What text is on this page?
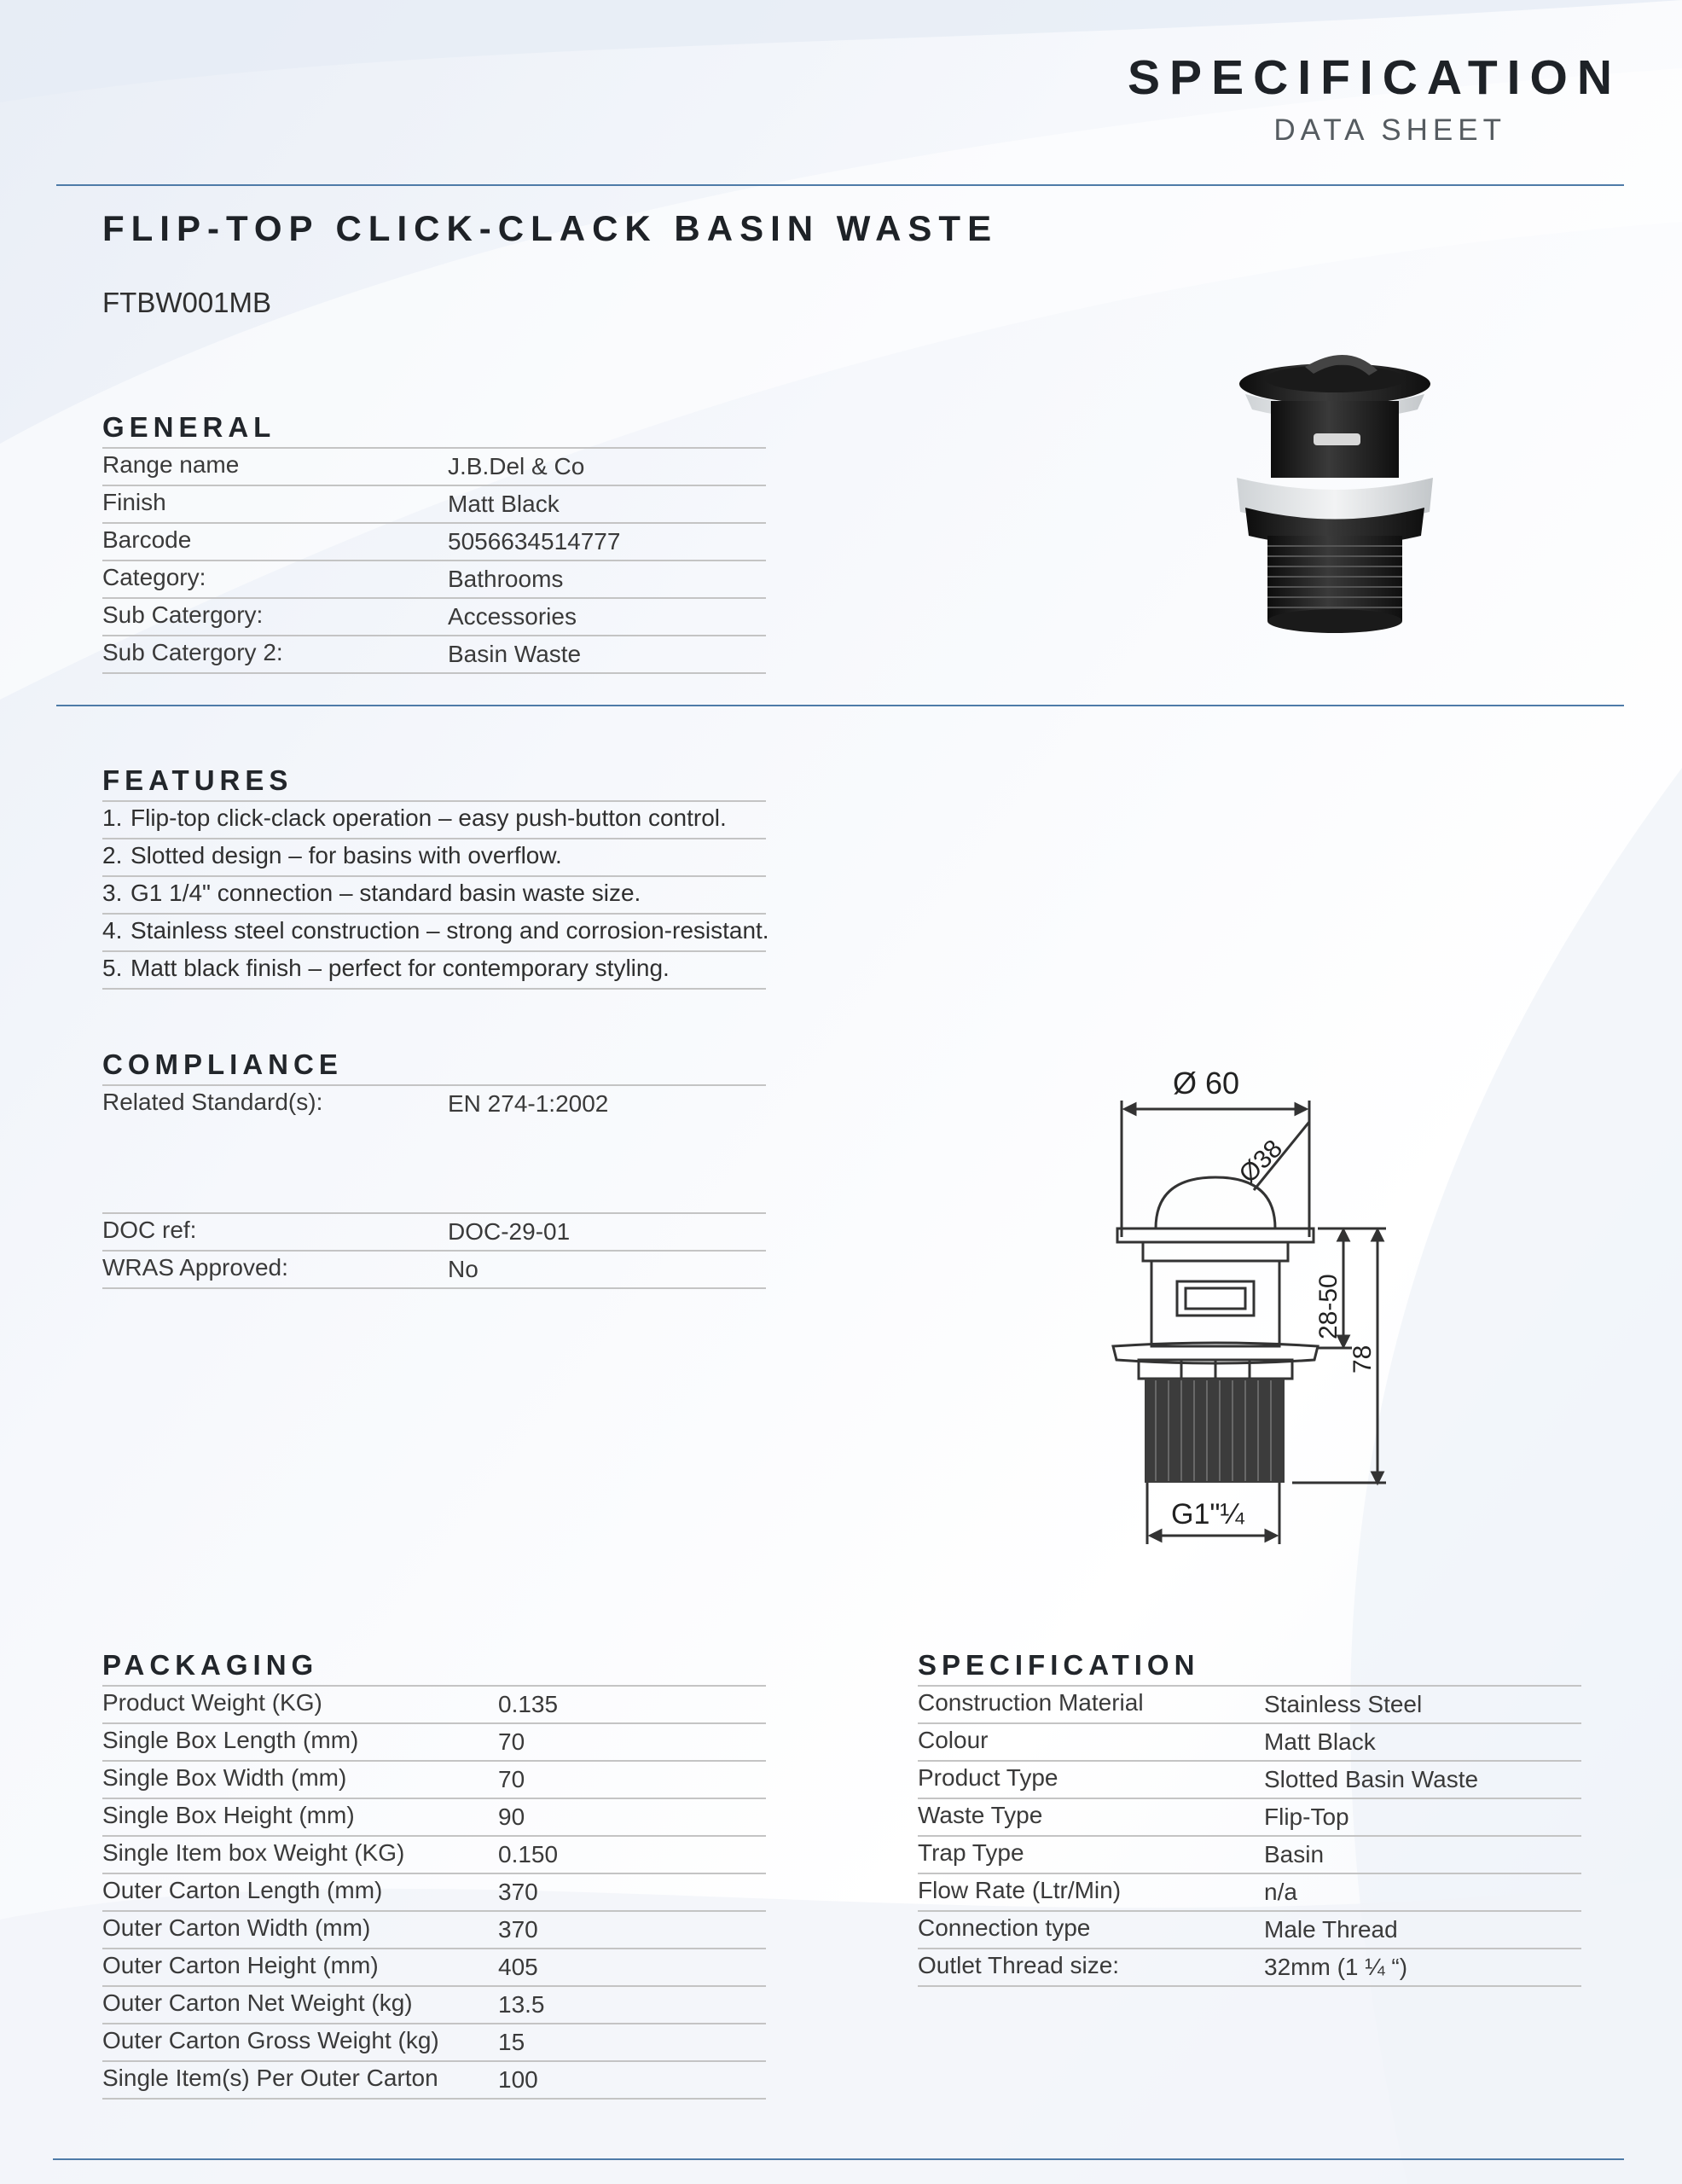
SPECIFICATION
DATA SHEET
FLIP-TOP CLICK-CLACK BASIN WASTE
FTBW001MB
GENERAL
Range name	J.B.Del & Co
Finish	Matt Black
Barcode	5056634514777
Category:	Bathrooms
Sub Catergory:	Accessories
Sub Catergory 2:	Basin Waste
FEATURES
1. Flip-top click-clack operation – easy push-button control.
2. Slotted design – for basins with overflow.
3. G1 1/4" connection – standard basin waste size.
4. Stainless steel construction – strong and corrosion-resistant.
5. Matt black finish – perfect for contemporary styling.
COMPLIANCE
Related Standard(s):	EN 274-1:2002
DOC ref:	DOC-29-01
WRAS Approved:	No
Ø 60
Ø38
28-50
78
G1"¼
PACKAGING
Product Weight (KG)	0.135
Single Box Length (mm)	70
Single Box Width (mm)	70
Single Box Height (mm)	90
Single Item box Weight (KG)	0.150
Outer Carton Length (mm)	370
Outer Carton Width (mm)	370
Outer Carton Height (mm)	405
Outer Carton Net Weight (kg)	13.5
Outer Carton Gross Weight (kg) 15
Single Item(s) Per Outer Carton	100
SPECIFICATION
Construction Material	Stainless Steel
Colour	Matt Black
Product Type	Slotted Basin Waste
Waste Type	Flip-Top
Trap Type	Basin
Flow Rate (Ltr/Min)	n/a
Connection type	Male Thread
Outlet Thread size:	32mm (1 ¼ “)
